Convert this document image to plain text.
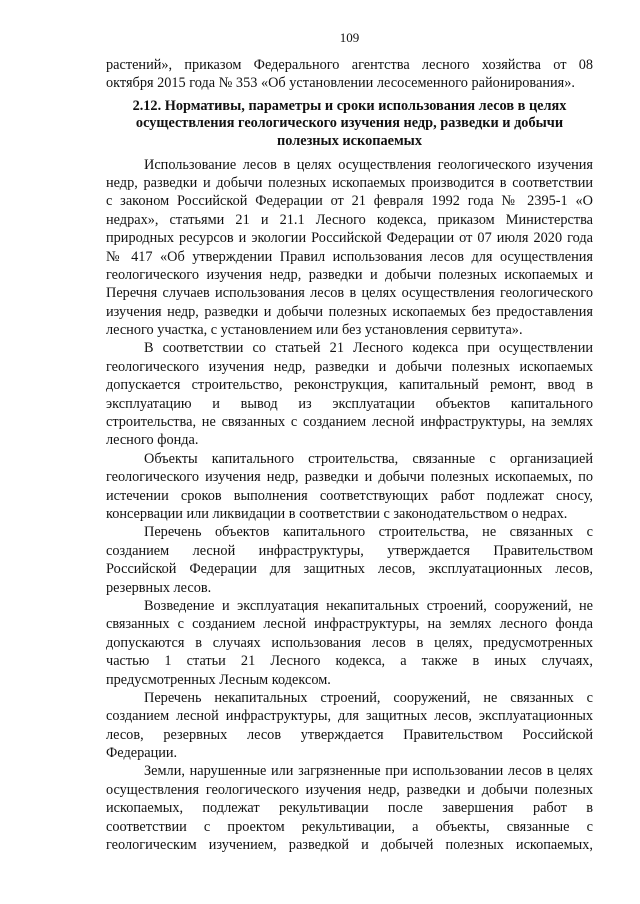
109
растений», приказом Федерального агентства лесного хозяйства от 08
октября 2015 года № 353 «Об установлении лесосеменного районирования».
2.12. Нормативы, параметры и сроки использования лесов в целях
осуществления геологического изучения недр, разведки и добычи
полезных ископаемых
Использование лесов в целях осуществления геологического изучения
недр, разведки и добычи полезных ископаемых производится в соответствии
с законом Российской Федерации от 21 февраля 1992 года № 2395-1 «О
недрах», статьями 21 и 21.1 Лесного кодекса, приказом Министерства
природных ресурсов и экологии Российской Федерации от 07 июля 2020 года
№ 417 «Об утверждении Правил использования лесов для осуществления
геологического изучения недр, разведки и добычи полезных ископаемых и
Перечня случаев использования лесов в целях осуществления геологического
изучения недр, разведки и добычи полезных ископаемых без предоставления
лесного участка, с установлением или без установления сервитута».
В соответствии со статьей 21 Лесного кодекса при осуществлении
геологического изучения недр, разведки и добычи полезных ископаемых
допускается строительство, реконструкция, капитальный ремонт, ввод в
эксплуатацию и вывод из эксплуатации объектов капитального
строительства, не связанных с созданием лесной инфраструктуры, на землях
лесного фонда.
Объекты капитального строительства, связанные с организацией
геологического изучения недр, разведки и добычи полезных ископаемых, по
истечении сроков выполнения соответствующих работ подлежат сносу,
консервации или ликвидации в соответствии с законодательством о недрах.
Перечень объектов капитального строительства, не связанных с
созданием лесной инфраструктуры, утверждается Правительством
Российской Федерации для защитных лесов, эксплуатационных лесов,
резервных лесов.
Возведение и эксплуатация некапитальных строений, сооружений, не
связанных с созданием лесной инфраструктуры, на землях лесного фонда
допускаются в случаях использования лесов в целях, предусмотренных
частью 1 статьи 21 Лесного кодекса, а также в иных случаях,
предусмотренных Лесным кодексом.
Перечень некапитальных строений, сооружений, не связанных с
созданием лесной инфраструктуры, для защитных лесов, эксплуатационных
лесов, резервных лесов утверждается Правительством Российской
Федерации.
Земли, нарушенные или загрязненные при использовании лесов в целях
осуществления геологического изучения недр, разведки и добычи полезных
ископаемых, подлежат рекультивации после завершения работ в
соответствии с проектом рекультивации, а объекты, связанные с
геологическим изучением, разведкой и добычей полезных ископаемых,
